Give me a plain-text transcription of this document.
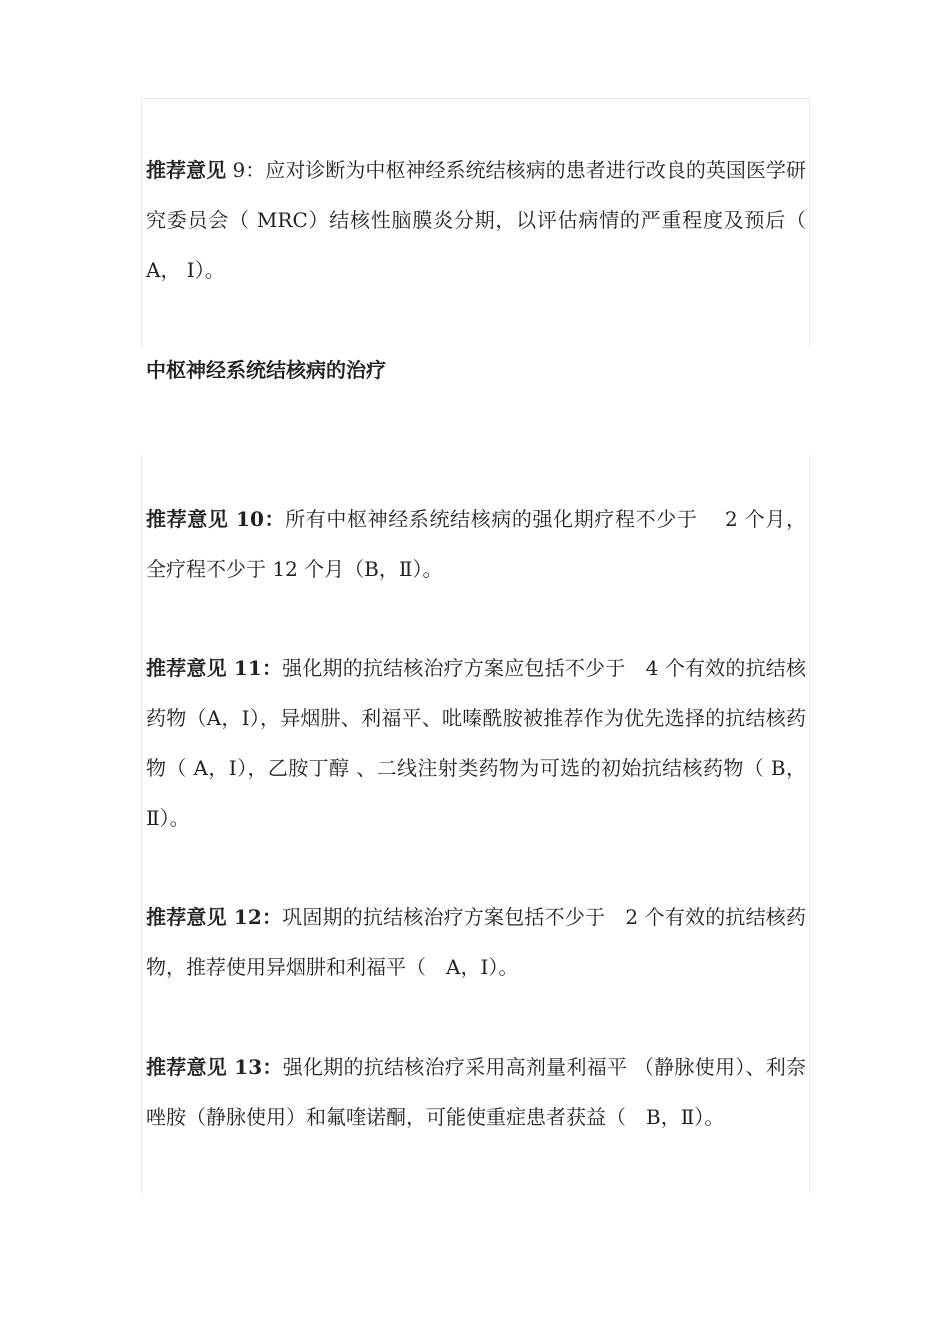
推荐意见 9：应对诊断为中枢神经系统结核病的患者进行改良的英国医学研究委员会（ MRC）结核性脑膜炎分期，以评估病情的严重程度及预后（ A， Ⅰ）。
中枢神经系统结核病的治疗
推荐意见 10：所有中枢神经系统结核病的强化期疗程不少于　 2 个月，全疗程不少于 12 个月（B，Ⅱ）。
推荐意见 11：强化期的抗结核治疗方案应包括不少于　4 个有效的抗结核药物（A，Ⅰ），异烟肼、利福平、吡嗪酰胺被推荐作为优先选择的抗结核药物（ A，Ⅰ），乙胺丁醇 、二线注射类药物为可选的初始抗结核药物（ B，Ⅱ）。
推荐意见 12：巩固期的抗结核治疗方案包括不少于　2 个有效的抗结核药物，推荐使用异烟肼和利福平（　A，Ⅰ）。
推荐意见 13：强化期的抗结核治疗采用高剂量利福平 （静脉使用）、利奈唑胺（静脉使用）和氟喹诺酮，可能使重症患者获益（　B，Ⅱ）。
